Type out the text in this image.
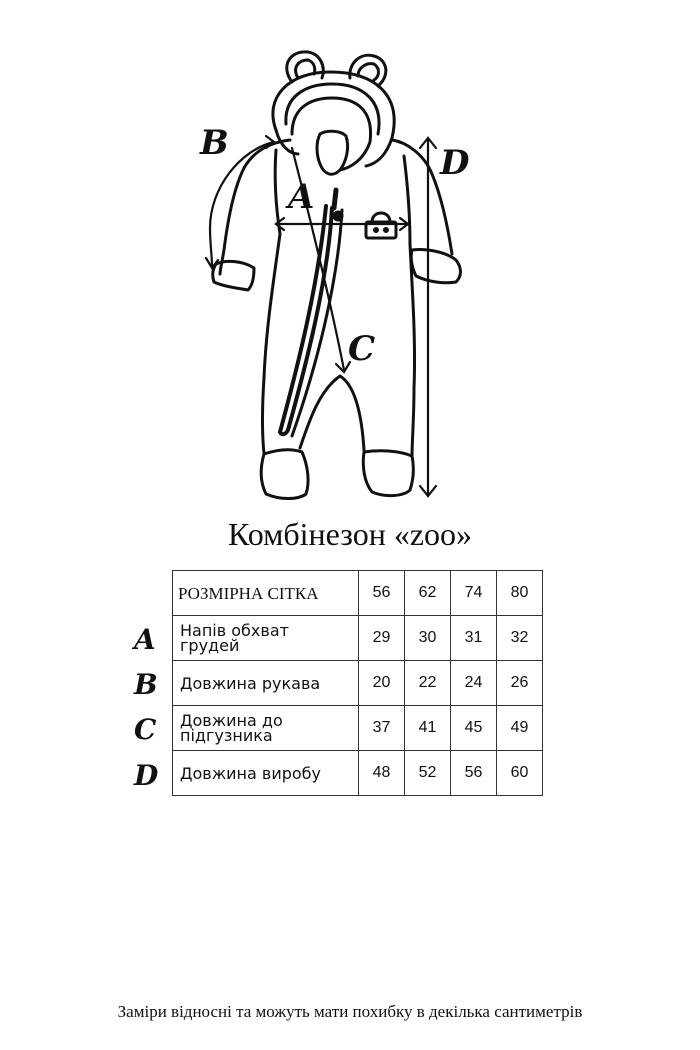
A
B
C
D
Комбінезон «zoo»
РОЗМІРНА СІТКА	56	62	74	80
Напів обхват
грудей	29	30	31	32
Довжина рукава	20	22	24	26
Довжина до
підгузника	37	41	45	49
Довжина виробу	48	52	56	60
A
B
C
D
Заміри відносні та можуть мати похибку в декілька сантиметрів
